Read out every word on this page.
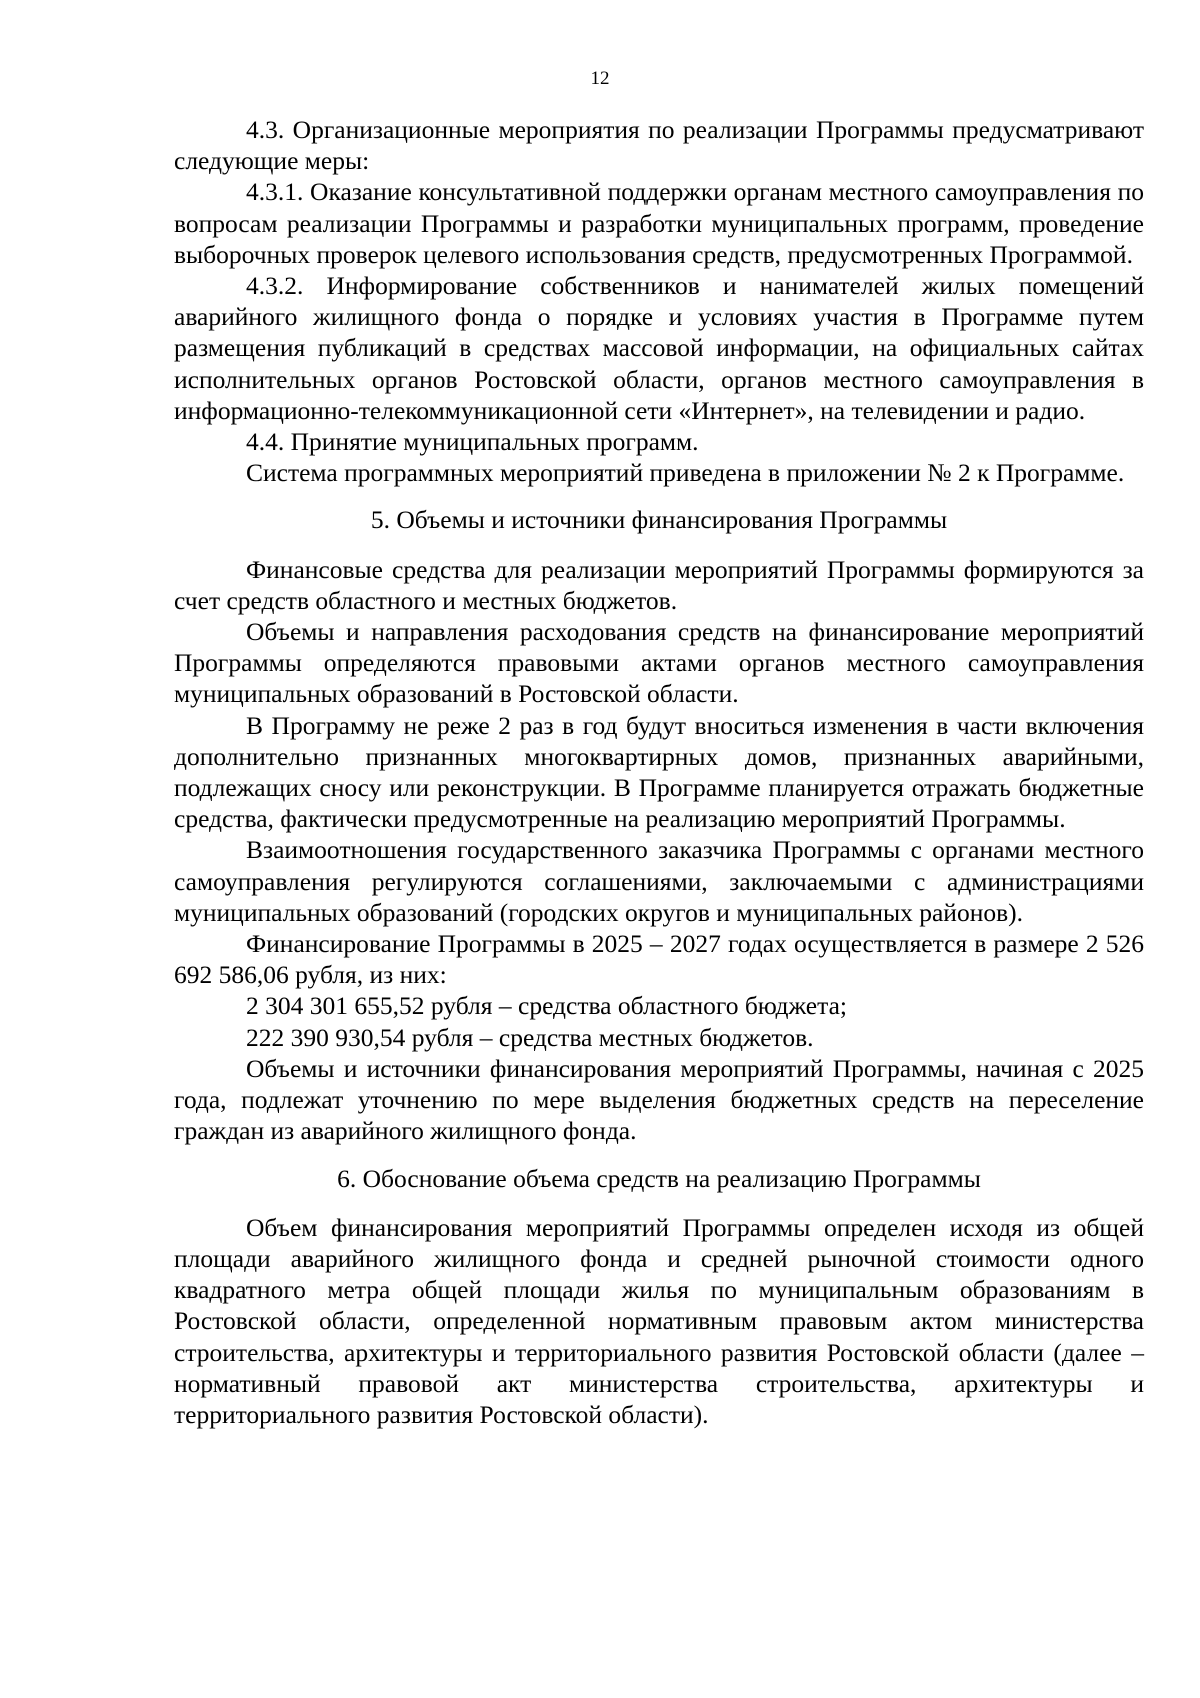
12

4.3. Организационные мероприятия по реализации Программы предусматривают следующие меры:

4.3.1. Оказание консультативной поддержки органам местного самоуправления по вопросам реализации Программы и разработки муниципальных программ, проведение выборочных проверок целевого использования средств, предусмотренных Программой.

4.3.2. Информирование собственников и нанимателей жилых помещений аварийного жилищного фонда о порядке и условиях участия в Программе путем размещения публикаций в средствах массовой информации, на официальных сайтах исполнительных органов Ростовской области, органов местного самоуправления в информационно-телекоммуникационной сети «Интернет», на телевидении и радио.

4.4. Принятие муниципальных программ.

Система программных мероприятий приведена в приложении № 2 к Программе.

5. Объемы и источники финансирования Программы

Финансовые средства для реализации мероприятий Программы формируются за счет средств областного и местных бюджетов.

Объемы и направления расходования средств на финансирование мероприятий Программы определяются правовыми актами органов местного самоуправления муниципальных образований в Ростовской области.

В Программу не реже 2 раз в год будут вноситься изменения в части включения дополнительно признанных многоквартирных домов, признанных аварийными, подлежащих сносу или реконструкции. В Программе планируется отражать бюджетные средства, фактически предусмотренные на реализацию мероприятий Программы.

Взаимоотношения государственного заказчика Программы с органами местного самоуправления регулируются соглашениями, заключаемыми с администрациями муниципальных образований (городских округов и муниципальных районов).

Финансирование Программы в 2025 – 2027 годах осуществляется в размере 2 526 692 586,06 рубля, из них:

2 304 301 655,52 рубля – средства областного бюджета;

222 390 930,54 рубля – средства местных бюджетов.

Объемы и источники финансирования мероприятий Программы, начиная с 2025 года, подлежат уточнению по мере выделения бюджетных средств на переселение граждан из аварийного жилищного фонда.

6. Обоснование объема средств на реализацию Программы

Объем финансирования мероприятий Программы определен исходя из общей площади аварийного жилищного фонда и средней рыночной стоимости одного квадратного метра общей площади жилья по муниципальным образованиям в Ростовской области, определенной нормативным правовым актом министерства строительства, архитектуры и территориального развития Ростовской области (далее – нормативный правовой акт министерства строительства, архитектуры и территориального развития Ростовской области).
